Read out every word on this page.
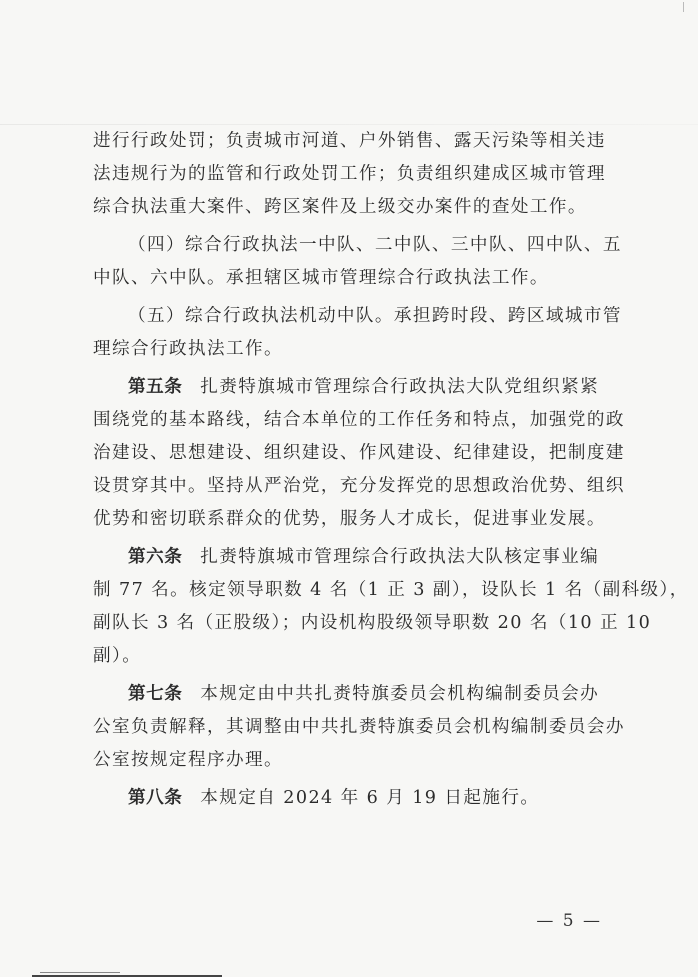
进行行政处罚；负责城市河道、户外销售、露天污染等相关违
法违规行为的监管和行政处罚工作；负责组织建成区城市管理
综合执法重大案件、跨区案件及上级交办案件的查处工作。
（四）综合行政执法一中队、二中队、三中队、四中队、五
中队、六中队。承担辖区城市管理综合行政执法工作。
（五）综合行政执法机动中队。承担跨时段、跨区域城市管
理综合行政执法工作。
第五条 扎赉特旗城市管理综合行政执法大队党组织紧紧
围绕党的基本路线，结合本单位的工作任务和特点，加强党的政
治建设、思想建设、组织建设、作风建设、纪律建设，把制度建
设贯穿其中。坚持从严治党，充分发挥党的思想政治优势、组织
优势和密切联系群众的优势，服务人才成长，促进事业发展。
第六条 扎赉特旗城市管理综合行政执法大队核定事业编
制 77 名。核定领导职数 4 名（1 正 3 副），设队长 1 名（副科级），
副队长 3 名（正股级）；内设机构股级领导职数 20 名（10 正 10
副）。
第七条 本规定由中共扎赉特旗委员会机构编制委员会办
公室负责解释，其调整由中共扎赉特旗委员会机构编制委员会办
公室按规定程序办理。
第八条 本规定自 2024 年 6 月 19 日起施行。
— 5 —
